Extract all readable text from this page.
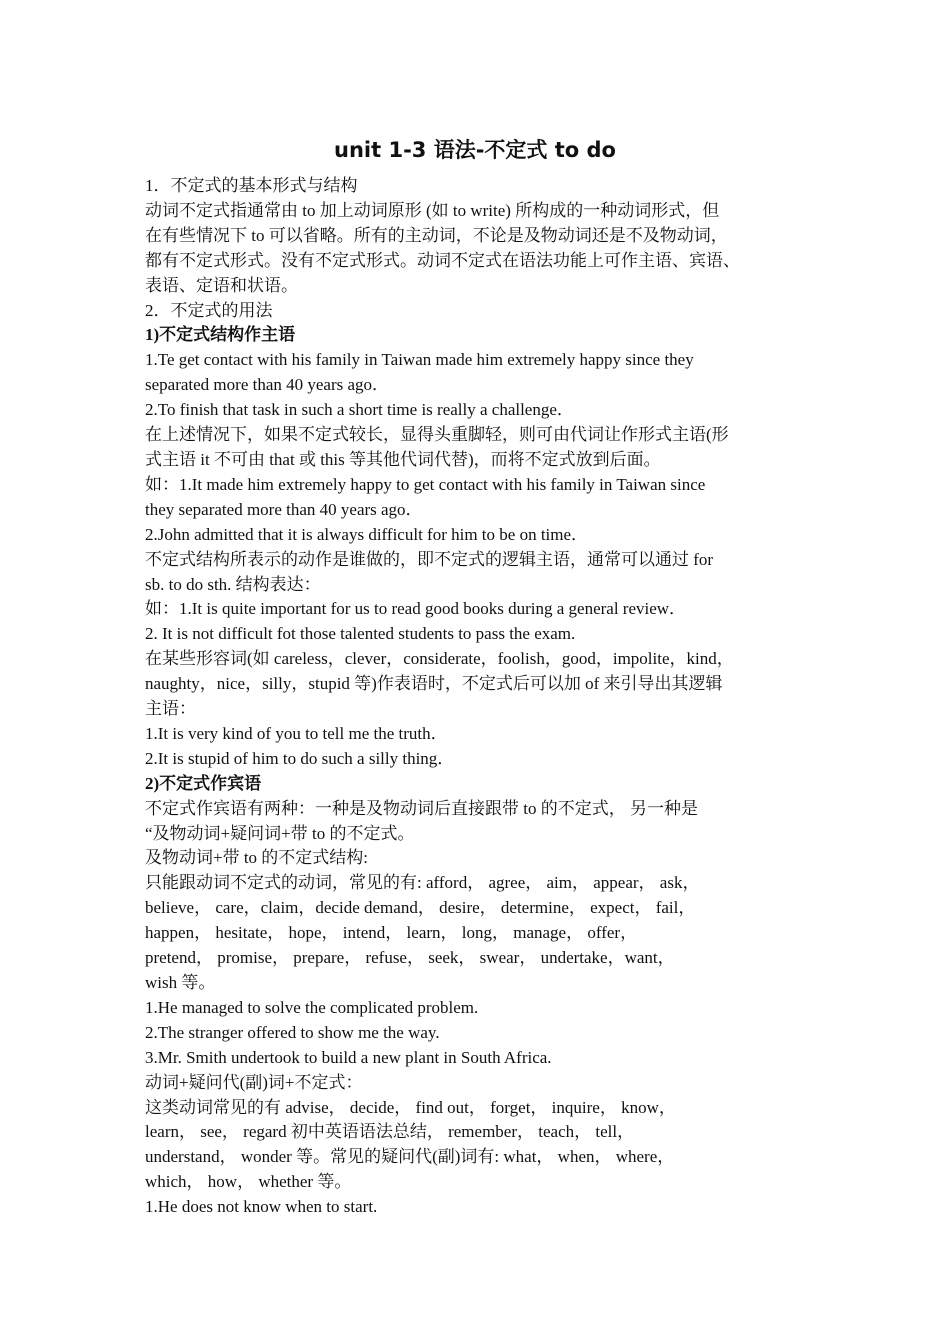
unit 1-3 语法-不定式 to do

1．不定式的基本形式与结构

动词不定式指通常由 to 加上动词原形 (如 to write) 所构成的一种动词形式，但

在有些情况下 to 可以省略。所有的主动词，不论是及物动词还是不及物动词，

都有不定式形式。没有不定式形式。动词不定式在语法功能上可作主语、宾语、

表语、定语和状语。

2．不定式的用法

1)不定式结构作主语

1.Te get contact with his family in Taiwan made him extremely happy since they

separated more than 40 years ago．

2.To finish that task in such a short time is really a challenge．

在上述情况下，如果不定式较长，显得头重脚轻，则可由代词让作形式主语(形

式主语 it 不可由 that 或 this 等其他代词代替)，而将不定式放到后面。

如：1.It made him extremely happy to get contact with his family in Taiwan since

they separated more than 40 years ago．

2.John admitted that it is always difficult for him to be on time．

不定式结构所表示的动作是谁做的，即不定式的逻辑主语，通常可以通过 for

sb. to do sth. 结构表达：

如：1.It is quite important for us to read good books during a general review．

2. It is not difficult fot those talented students to pass the exam.

在某些形容词(如 careless，clever，considerate，foolish，good，impolite，kind，

naughty，nice，silly，stupid 等)作表语时，不定式后可以加 of 来引导出其逻辑

主语：

1.It is very kind of you to tell me the truth．

2.It is stupid of him to do such a silly thing．

2)不定式作宾语

不定式作宾语有两种：一种是及物动词后直接跟带 to 的不定式， 另一种是

“及物动词+疑问词+带 to 的不定式。

及物动词+带 to 的不定式结构:

只能跟动词不定式的动词，常见的有: afford， agree， aim， appear， ask，

believe， care，claim，decide demand， desire， determine， expect， fail，

happen， hesitate， hope， intend， learn， long， manage， offer，

pretend， promise， prepare， refuse， seek， swear， undertake，want，

wish 等。

1.He managed to solve the complicated problem.

2.The stranger offered to show me the way.

3.Mr. Smith undertook to build a new plant in South Africa.

动词+疑问代(副)词+不定式：

这类动词常见的有 advise， decide， find out， forget， inquire， know，

learn， see， regard 初中英语语法总结， remember， teach， tell，

understand， wonder 等。常见的疑问代(副)词有: what， when， where，

which， how， whether 等。

1.He does not know when to start.
